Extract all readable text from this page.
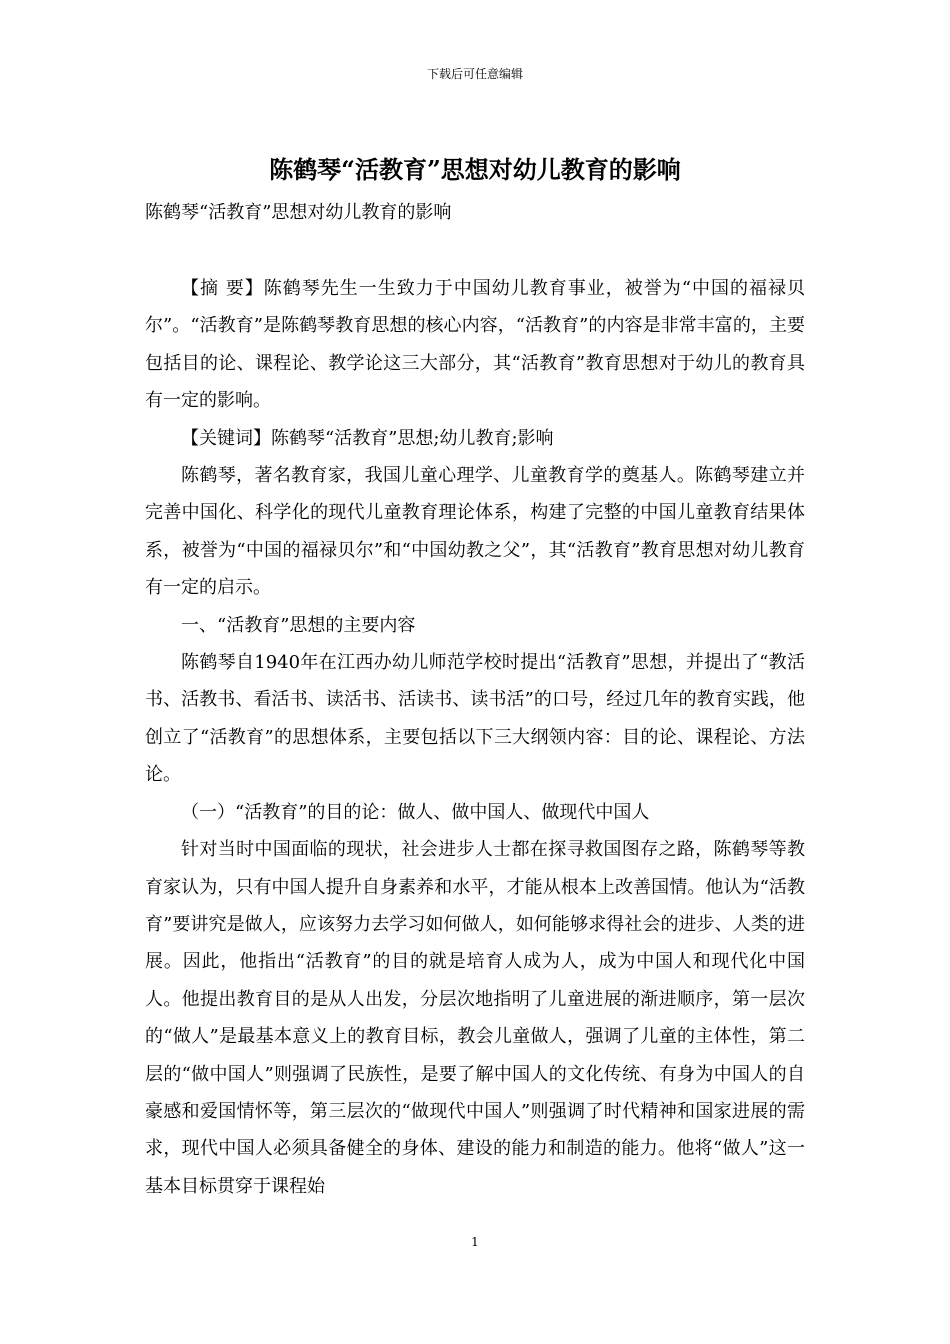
下载后可任意编辑
陈鹤琴“活教育”思想对幼儿教育的影响

陈鹤琴“活教育”思想对幼儿教育的影响

【摘 要】陈鹤琴先生一生致力于中国幼儿教育事业，被誉为“中国的福禄贝尔”。“活教育”是陈鹤琴教育思想的核心内容，“活教育”的内容是非常丰富的，主要包括目的论、课程论、教学论这三大部分，其“活教育”教育思想对于幼儿的教育具有一定的影响。

【关键词】陈鹤琴“活教育”思想;幼儿教育;影响

陈鹤琴，著名教育家，我国儿童心理学、儿童教育学的奠基人。陈鹤琴建立并完善中国化、科学化的现代儿童教育理论体系，构建了完整的中国儿童教育结果体系，被誉为“中国的福禄贝尔”和“中国幼教之父”，其“活教育”教育思想对幼儿教育有一定的启示。

一、“活教育”思想的主要内容

陈鹤琴自1940年在江西办幼儿师范学校时提出“活教育”思想，并提出了“教活书、活教书、看活书、读活书、活读书、读书活”的口号，经过几年的教育实践，他创立了“活教育”的思想体系，主要包括以下三大纲领内容：目的论、课程论、方法论。

（一）“活教育”的目的论：做人、做中国人、做现代中国人

针对当时中国面临的现状，社会进步人士都在探寻救国图存之路，陈鹤琴等教育家认为，只有中国人提升自身素养和水平，才能从根本上改善国情。他认为“活教育”要讲究是做人，应该努力去学习如何做人，如何能够求得社会的进步、人类的进展。因此，他指出“活教育”的目的就是培育人成为人，成为中国人和现代化中国人。他提出教育目的是从人出发，分层次地指明了儿童进展的渐进顺序，第一层次的“做人”是最基本意义上的教育目标，教会儿童做人，强调了儿童的主体性，第二层的“做中国人”则强调了民族性，是要了解中国人的文化传统、有身为中国人的自豪感和爱国情怀等，第三层次的“做现代中国人”则强调了时代精神和国家进展的需求，现代中国人必须具备健全的身体、建设的能力和制造的能力。他将“做人”这一基本目标贯穿于课程始

1
